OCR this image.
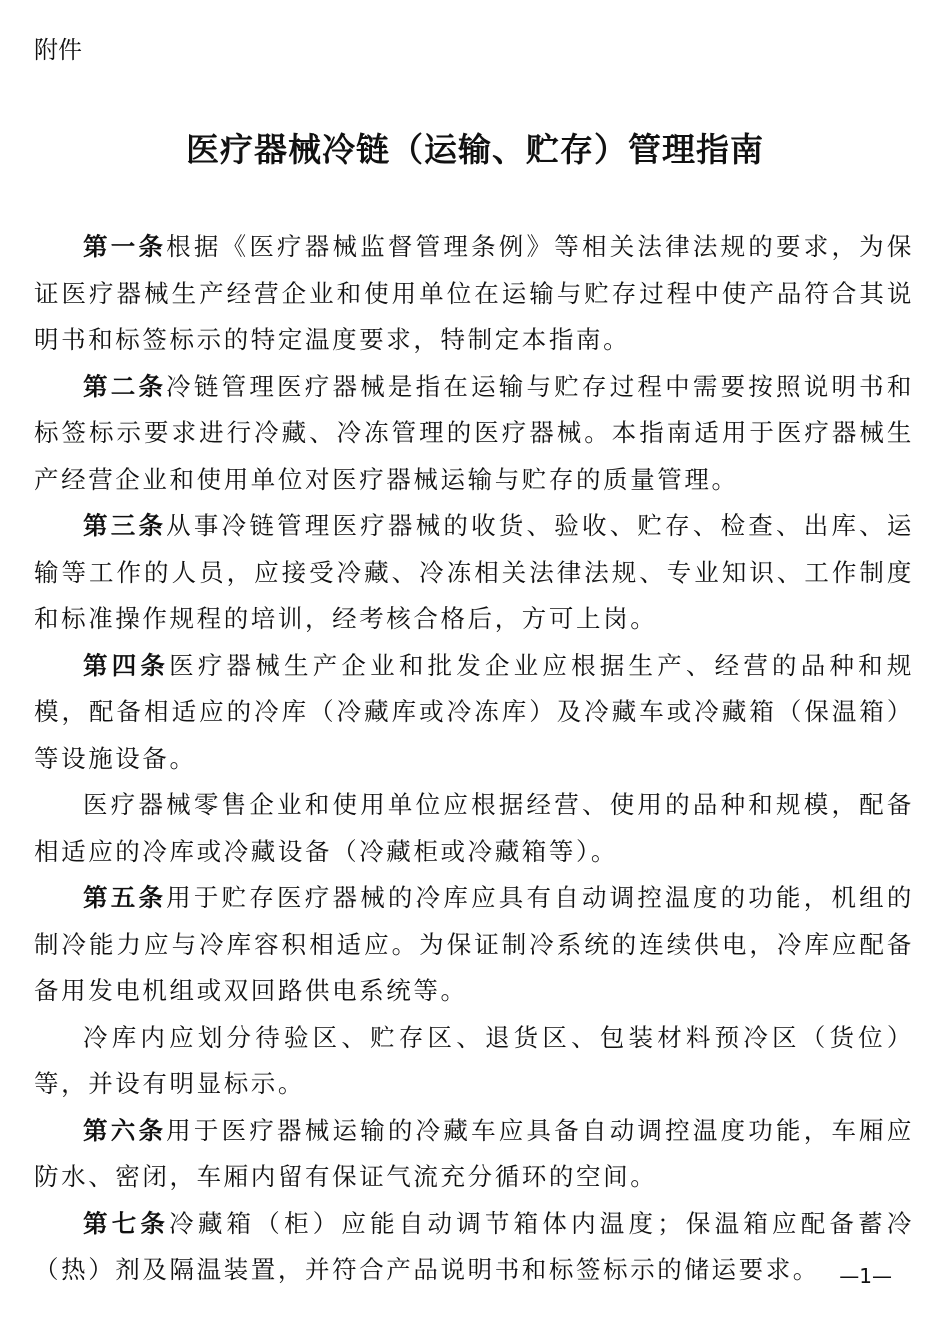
附件
医疗器械冷链（运输、贮存）管理指南

第一条根据《医疗器械监督管理条例》等相关法律法规的要求，为保证医疗器械生产经营企业和使用单位在运输与贮存过程中使产品符合其说明书和标签标示的特定温度要求，特制定本指南。

第二条冷链管理医疗器械是指在运输与贮存过程中需要按照说明书和标签标示要求进行冷藏、冷冻管理的医疗器械。本指南适用于医疗器械生产经营企业和使用单位对医疗器械运输与贮存的质量管理。

第三条从事冷链管理医疗器械的收货、验收、贮存、检查、出库、运输等工作的人员，应接受冷藏、冷冻相关法律法规、专业知识、工作制度和标准操作规程的培训，经考核合格后，方可上岗。

第四条医疗器械生产企业和批发企业应根据生产、经营的品种和规模，配备相适应的冷库（冷藏库或冷冻库）及冷藏车或冷藏箱（保温箱）等设施设备。

医疗器械零售企业和使用单位应根据经营、使用的品种和规模，配备相适应的冷库或冷藏设备（冷藏柜或冷藏箱等）。

第五条用于贮存医疗器械的冷库应具有自动调控温度的功能，机组的制冷能力应与冷库容积相适应。为保证制冷系统的连续供电，冷库应配备备用发电机组或双回路供电系统等。

冷库内应划分待验区、贮存区、退货区、包装材料预冷区（货位）等，并设有明显标示。

第六条用于医疗器械运输的冷藏车应具备自动调控温度功能，车厢应防水、密闭，车厢内留有保证气流充分循环的空间。

第七条冷藏箱（柜）应能自动调节箱体内温度；保温箱应配备蓄冷（热）剂及隔温装置，并符合产品说明书和标签标示的储运要求。 —1—
